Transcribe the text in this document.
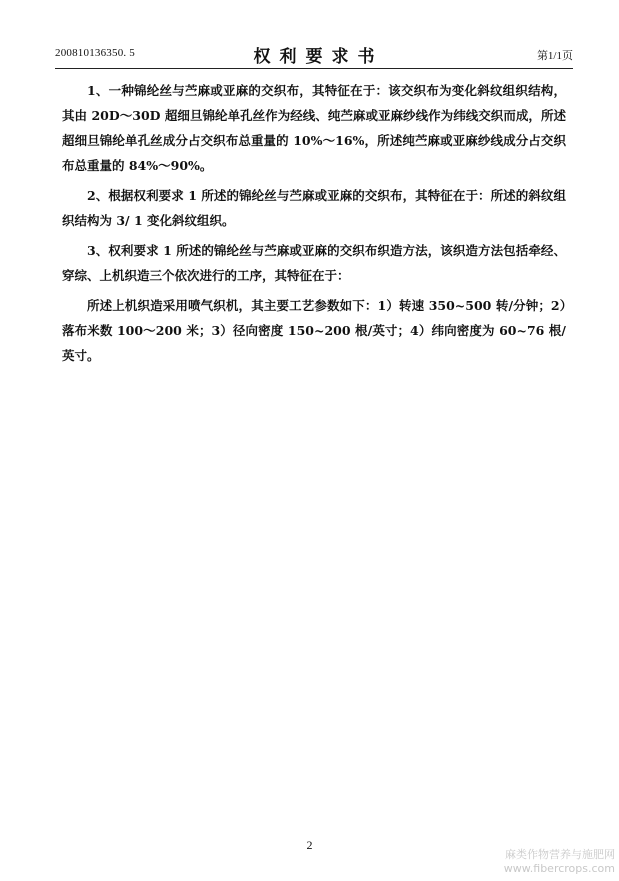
200810136350. 5	权利要求书	第1/1页

1、一种锦纶丝与苎麻或亚麻的交织布，其特征在于：该交织布为变化斜纹组织结构，其由 20D～30D 超细旦锦纶单孔丝作为经线、纯苎麻或亚麻纱线作为纬线交织而成，所述超细旦锦纶单孔丝成分占交织布总重量的 10%～16%，所述纯苎麻或亚麻纱线成分占交织布总重量的 84%～90%。

2、根据权利要求 1 所述的锦纶丝与苎麻或亚麻的交织布，其特征在于：所述的斜纹组织结构为 3/ 1 变化斜纹组织。

3、权利要求 1 所述的锦纶丝与苎麻或亚麻的交织布织造方法，该织造方法包括牵经、穿综、上机织造三个依次进行的工序，其特征在于：

所述上机织造采用喷气织机，其主要工艺参数如下：1）转速 350~500 转/分钟；2）落布米数 100～200 米；3）径向密度 150~200 根/英寸；4）纬向密度为 60~76 根/英寸。

2
麻类作物营养与施肥网
www.fibercrops.com
